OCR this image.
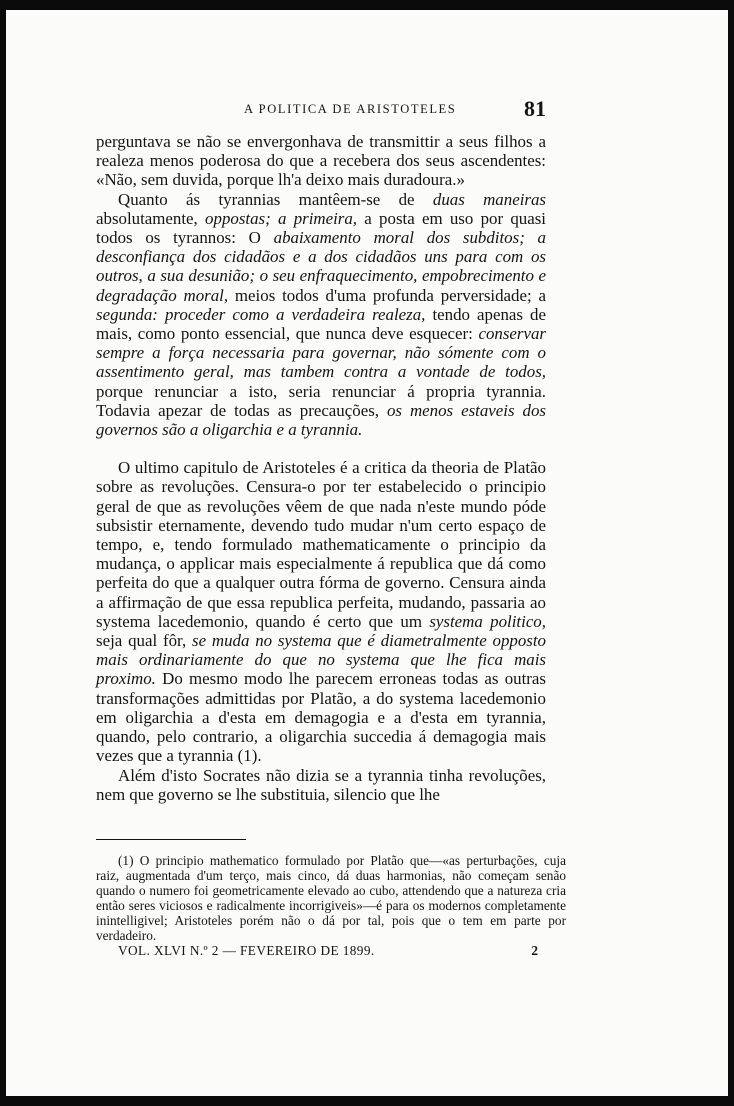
A POLITICA DE ARISTOTELES	81

perguntava se não se envergonhava de transmittir a seus filhos a realeza menos poderosa do que a recebera dos seus ascendentes: «Não, sem duvida, porque lh'a deixo mais duradoura.»

Quanto ás tyrannias mantêem-se de duas maneiras absolutamente, oppostas; a primeira, a posta em uso por quasi todos os tyrannos: O abaixamento moral dos subditos; a desconfiança dos cidadãos e a dos cidadãos uns para com os outros, a sua desunião; o seu enfraquecimento, empobrecimento e degradação moral, meios todos d'uma profunda perversidade; a segunda: proceder como a verdadeira realeza, tendo apenas de mais, como ponto essencial, que nunca deve esquecer: conservar sempre a força necessaria para governar, não sómente com o assentimento geral, mas tambem contra a vontade de todos, porque renunciar a isto, seria renunciar á propria tyrannia. Todavia apezar de todas as precauções, os menos estaveis dos governos são a oligarchia e a tyrannia.

O ultimo capitulo de Aristoteles é a critica da theoria de Platão sobre as revoluções. Censura-o por ter estabelecido o principio geral de que as revoluções vêem de que nada n'este mundo póde subsistir eternamente, devendo tudo mudar n'um certo espaço de tempo, e, tendo formulado mathematicamente o principio da mudança, o applicar mais especialmente á republica que dá como perfeita do que a qualquer outra fórma de governo. Censura ainda a affirmação de que essa republica perfeita, mudando, passaria ao systema lacedemonio, quando é certo que um systema politico, seja qual fôr, se muda no systema que é diametralmente opposto mais ordinariamente do que no systema que lhe fica mais proximo. Do mesmo modo lhe parecem erroneas todas as outras transformações admittidas por Platão, a do systema lacedemonio em oligarchia a d'esta em demagogia e a d'esta em tyrannia, quando, pelo contrario, a oligarchia succedia á demagogia mais vezes que a tyrannia (1).

Além d'isto Socrates não dizia se a tyrannia tinha revoluções, nem que governo se lhe substituia, silencio que lhe

(1) O principio mathematico formulado por Platão que—«as perturbações, cuja raiz, augmentada d'um terço, mais cinco, dá duas harmonias, não começam senão quando o numero foi geometricamente elevado ao cubo, attendendo que a natureza cria então seres viciosos e radicalmente incorrigiveis»—é para os modernos completamente inintelligivel; Aristoteles porém não o dá por tal, pois que o tem em parte por verdadeiro.

VOL. XLVI N.º 2 — FEVEREIRO DE 1899.	2
